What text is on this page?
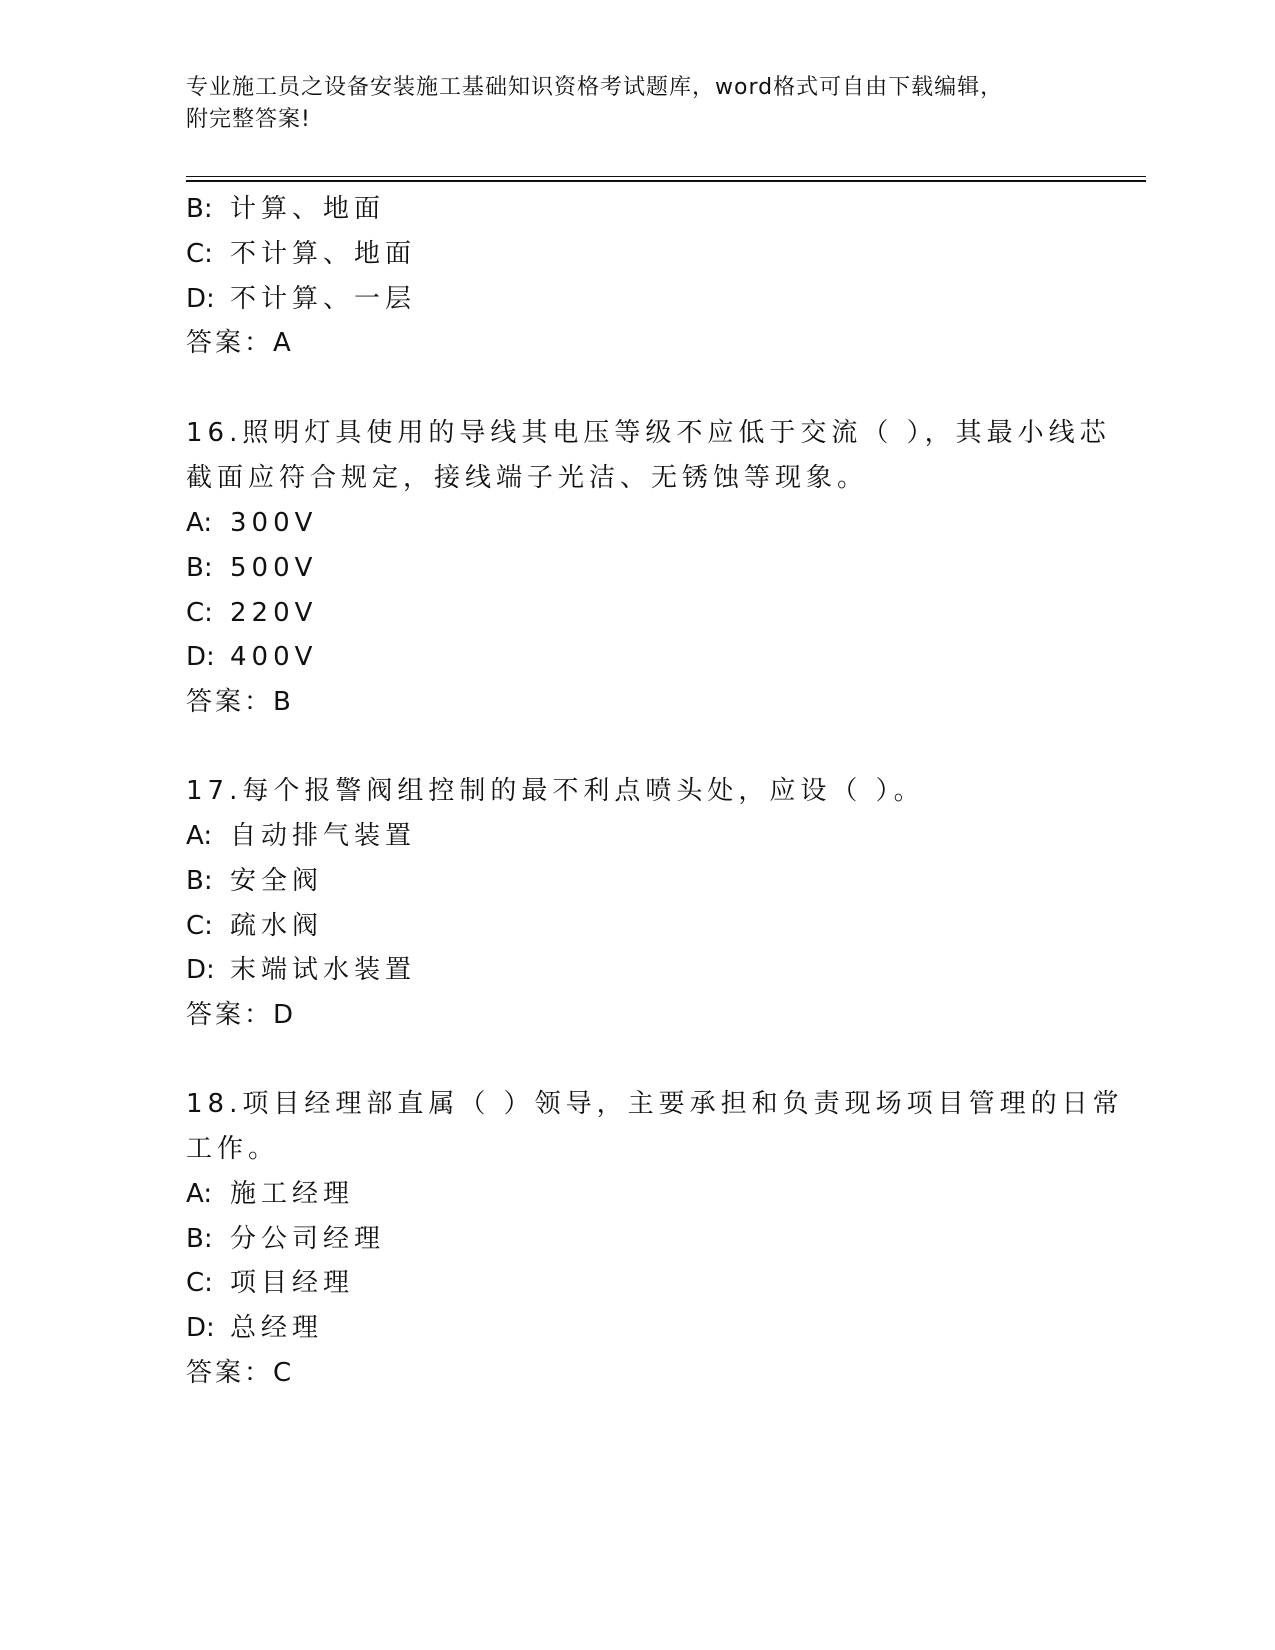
专业施工员之设备安装施工基础知识资格考试题库，word格式可自由下载编辑，
附完整答案!
B: 计算、地面
C: 不计算、地面
D: 不计算、一层
答案：A
16.照明灯具使用的导线其电压等级不应低于交流（ ），其最小线芯
截面应符合规定，接线端子光洁、无锈蚀等现象。
A: 300V
B: 500V
C: 220V
D: 400V
答案：B
17.每个报警阀组控制的最不利点喷头处，应设（ ）。
A: 自动排气装置
B: 安全阀
C: 疏水阀
D: 末端试水装置
答案：D
18.项目经理部直属（ ）领导，主要承担和负责现场项目管理的日常
工作。
A: 施工经理
B: 分公司经理
C: 项目经理
D: 总经理
答案：C
